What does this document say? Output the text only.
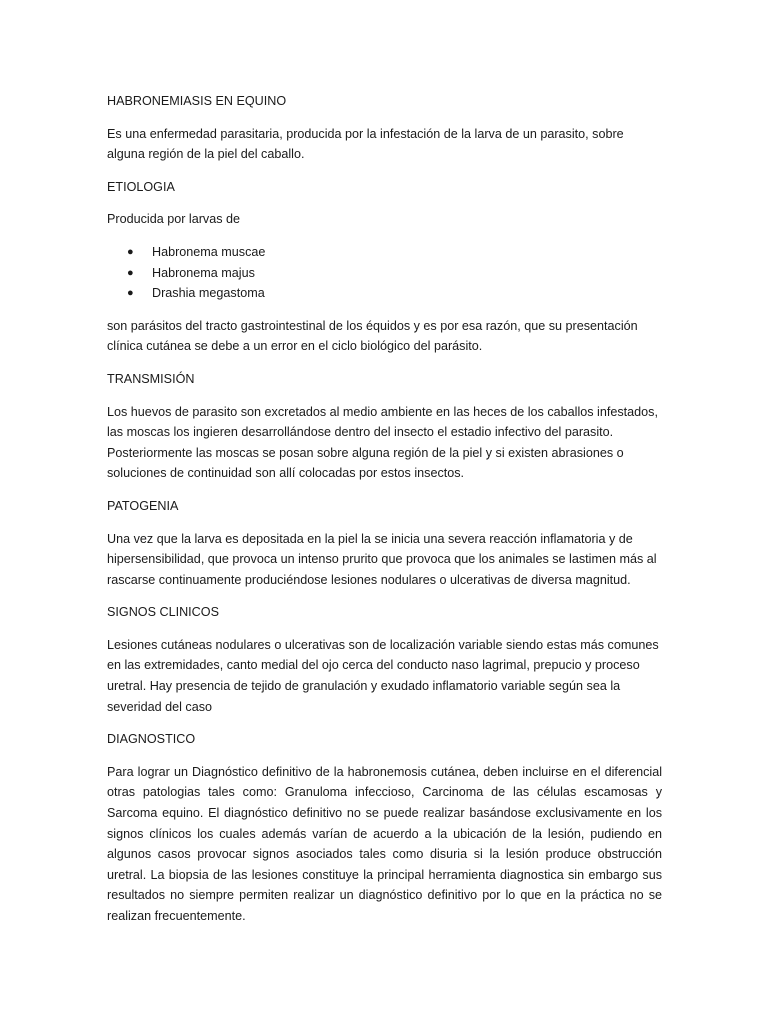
HABRONEMIASIS EN EQUINO

Es una enfermedad parasitaria, producida por la infestación de la larva de un parasito, sobre alguna región de la piel del caballo.

ETIOLOGIA

Producida por larvas de

● Habronema muscae
● Habronema majus
● Drashia megastoma

son parásitos del tracto gastrointestinal de los équidos y es por esa razón, que su presentación clínica cutánea se debe a un error en el ciclo biológico del parásito.

TRANSMISIÓN

Los huevos de parasito son excretados al medio ambiente en las heces de los caballos infestados, las moscas los ingieren desarrollándose dentro del insecto el estadio infectivo del parasito. Posteriormente las moscas se posan sobre alguna región de la piel y si existen abrasiones o soluciones de continuidad son allí colocadas por estos insectos.

PATOGENIA

Una vez que la larva es depositada en la piel la se inicia una severa reacción inflamatoria y de hipersensibilidad, que provoca un intenso prurito que provoca que los animales se lastimen más al rascarse continuamente produciéndose lesiones nodulares o ulcerativas de diversa magnitud.

SIGNOS CLINICOS

Lesiones cutáneas nodulares o ulcerativas son de localización variable siendo estas más comunes en las extremidades, canto medial del ojo cerca del conducto naso lagrimal, prepucio y proceso uretral. Hay presencia de tejido de granulación y exudado inflamatorio variable según sea la severidad del caso

DIAGNOSTICO

Para lograr un Diagnóstico definitivo de la habronemosis cutánea, deben incluirse en el diferencial otras patologias tales como: Granuloma infeccioso, Carcinoma de las células escamosas y Sarcoma equino. El diagnóstico definitivo no se puede realizar basándose exclusivamente en los signos clínicos los cuales además varían de acuerdo a la ubicación de la lesión, pudiendo en algunos casos provocar signos asociados tales como disuria si la lesión produce obstrucción uretral. La biopsia de las lesiones constituye la principal herramienta diagnostica sin embargo sus resultados no siempre permiten realizar un diagnóstico definitivo por lo que en la práctica no se realizan frecuentemente.
